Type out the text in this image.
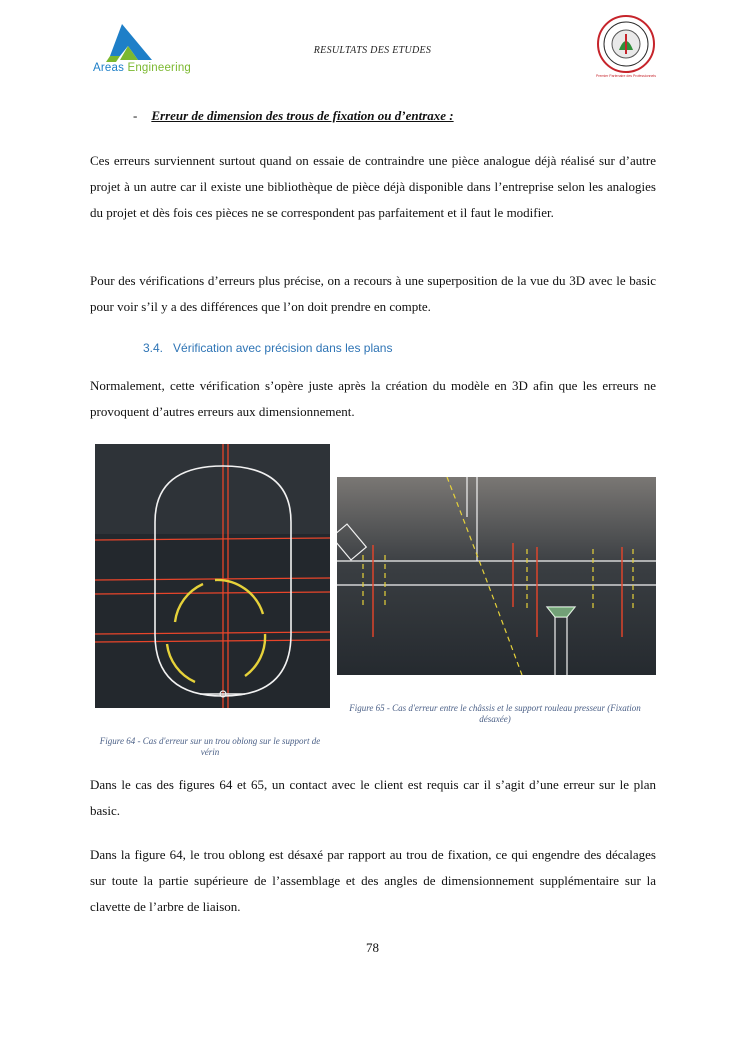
Areas Engineering
RESULTATS DES ETUDES
Premier Partenaire des Professionnels
- Erreur de dimension des trous de fixation ou d’entraxe :

Ces erreurs surviennent surtout quand on essaie de contraindre une pièce analogue déjà réalisé sur d’autre projet à un autre car il existe une bibliothèque de pièce déjà disponible dans l’entreprise selon les analogies du projet et dès fois ces pièces ne se correspondent pas parfaitement et il faut le modifier.

Pour des vérifications d’erreurs plus précise, on a recours à une superposition de la vue du 3D avec le basic pour voir s’il y a des différences que l’on doit prendre en compte.

3.4. Vérification avec précision dans les plans

Normalement, cette vérification s’opère juste après la création du modèle en 3D afin que les erreurs ne provoquent d’autres erreurs aux dimensionnement.

Figure 65 - Cas d'erreur entre le châssis et le support rouleau presseur (Fixation désaxée)
Figure 64 - Cas d'erreur sur un trou oblong sur le support de vérin

Dans le cas des figures 64 et 65, un contact avec le client est requis car il s’agit d’une erreur sur le plan basic.

Dans la figure 64, le trou oblong est désaxé par rapport au trou de fixation, ce qui engendre des décalages sur toute la partie supérieure de l’assemblage et des angles de dimensionnement supplémentaire sur la clavette de l’arbre de liaison.

78
